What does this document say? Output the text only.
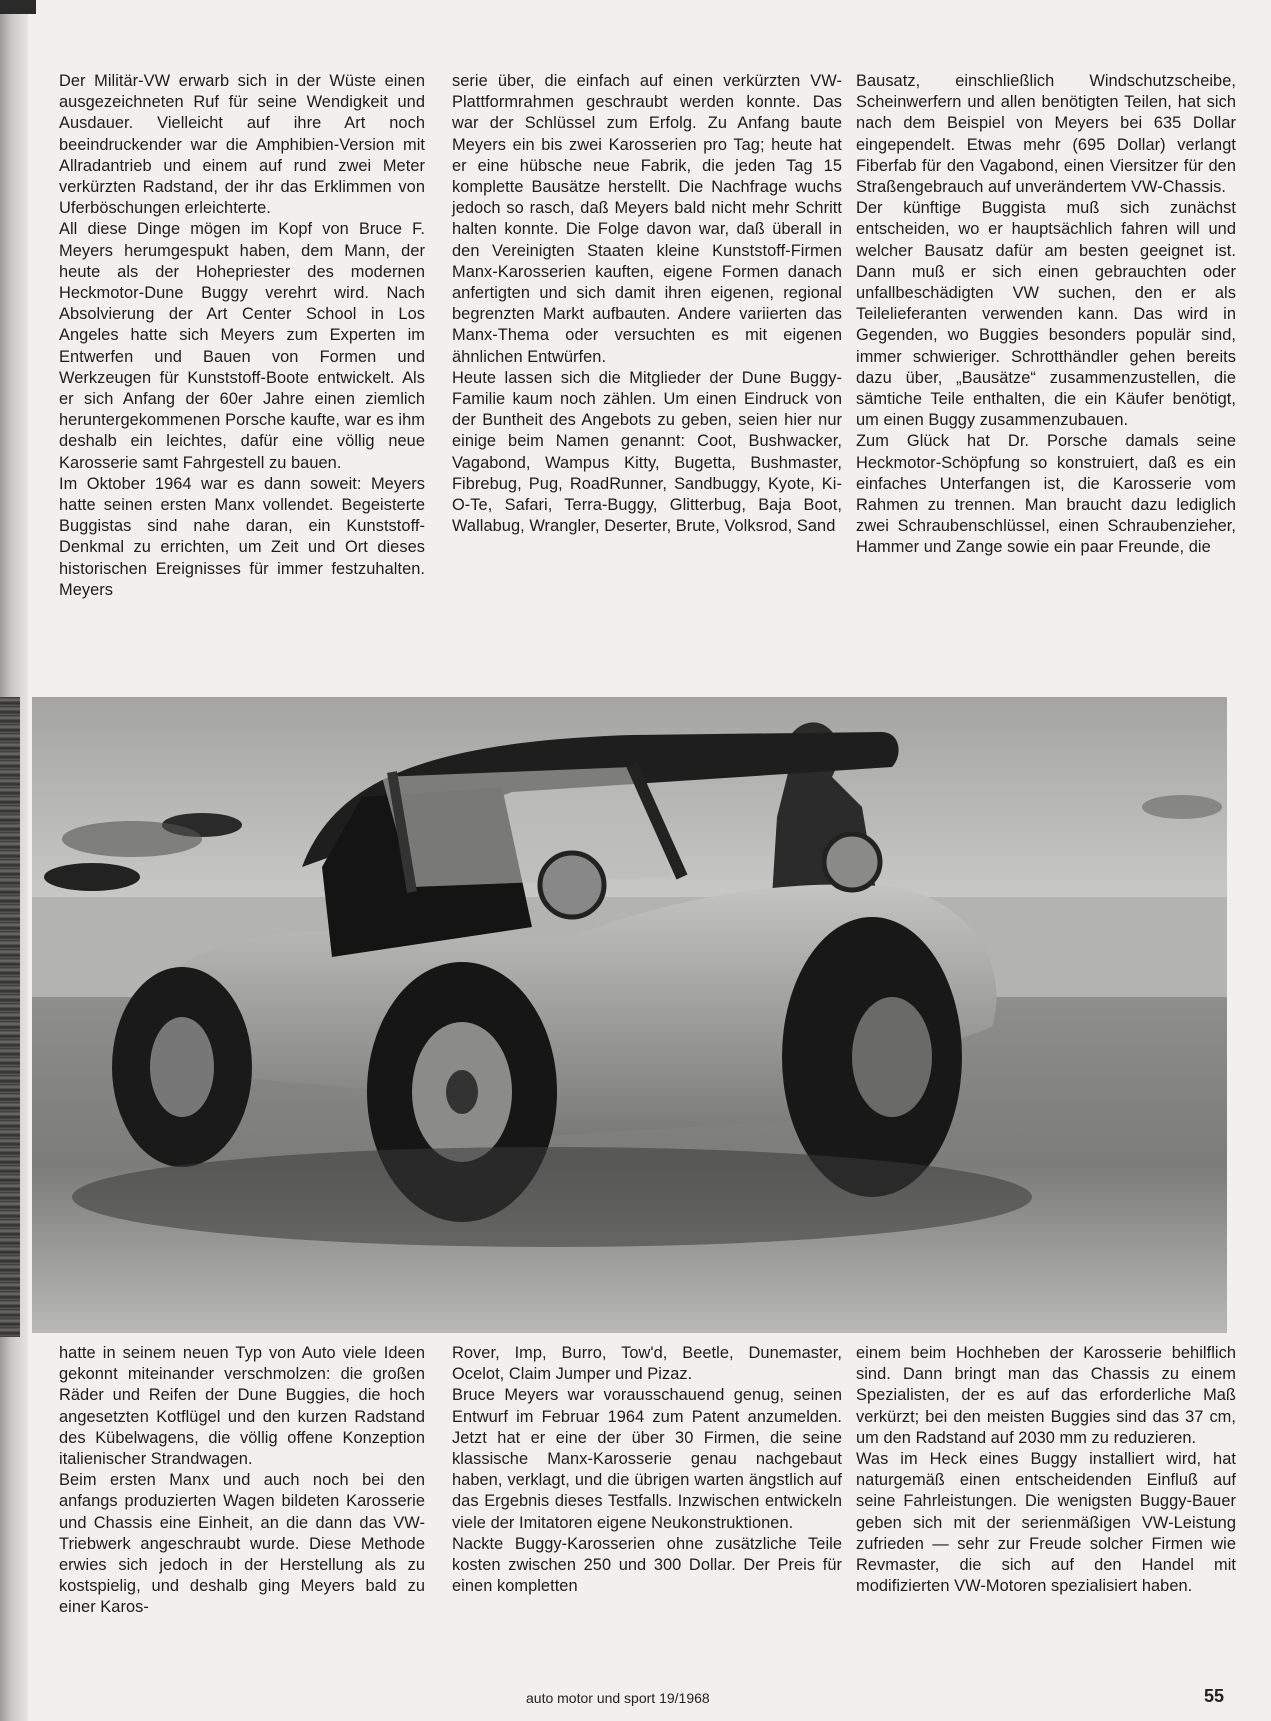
Der Militär-VW erwarb sich in der Wüste einen ausgezeichneten Ruf für seine Wendigkeit und Ausdauer. Vielleicht auf ihre Art noch beeindruckender war die Amphibien-Version mit Allradantrieb und einem auf rund zwei Meter verkürzten Radstand, der ihr das Erklimmen von Uferböschungen erleichterte.

All diese Dinge mögen im Kopf von Bruce F. Meyers herumgespukt haben, dem Mann, der heute als der Hohepriester des modernen Heckmotor-Dune Buggy verehrt wird. Nach Absolvierung der Art Center School in Los Angeles hatte sich Meyers zum Experten im Entwerfen und Bauen von Formen und Werkzeugen für Kunststoff-Boote entwickelt. Als er sich Anfang der 60er Jahre einen ziemlich heruntergekommenen Porsche kaufte, war es ihm deshalb ein leichtes, dafür eine völlig neue Karosserie samt Fahrgestell zu bauen.

Im Oktober 1964 war es dann soweit: Meyers hatte seinen ersten Manx vollendet. Begeisterte Buggistas sind nahe daran, ein Kunststoff-Denkmal zu errichten, um Zeit und Ort dieses historischen Ereignisses für immer festzuhalten. Meyers

serie über, die einfach auf einen verkürzten VW-Plattformrahmen geschraubt werden konnte. Das war der Schlüssel zum Erfolg. Zu Anfang baute Meyers ein bis zwei Karosserien pro Tag; heute hat er eine hübsche neue Fabrik, die jeden Tag 15 komplette Bausätze herstellt. Die Nachfrage wuchs jedoch so rasch, daß Meyers bald nicht mehr Schritt halten konnte. Die Folge davon war, daß überall in den Vereinigten Staaten kleine Kunststoff-Firmen Manx-Karosserien kauften, eigene Formen danach anfertigten und sich damit ihren eigenen, regional begrenzten Markt aufbauten. Andere variierten das Manx-Thema oder versuchten es mit eigenen ähnlichen Entwürfen.

Heute lassen sich die Mitglieder der Dune Buggy-Familie kaum noch zählen. Um einen Eindruck von der Buntheit des Angebots zu geben, seien hier nur einige beim Namen genannt: Coot, Bushwacker, Vagabond, Wampus Kitty, Bugetta, Bushmaster, Fibrebug, Pug, RoadRunner, Sandbuggy, Kyote, Ki-O-Te, Safari, Terra-Buggy, Glitterbug, Baja Boot, Wallabug, Wrangler, Deserter, Brute, Volksrod, Sand

Bausatz, einschließlich Windschutzscheibe, Scheinwerfern und allen benötigten Teilen, hat sich nach dem Beispiel von Meyers bei 635 Dollar eingependelt. Etwas mehr (695 Dollar) verlangt Fiberfab für den Vagabond, einen Viersitzer für den Straßengebrauch auf unverändertem VW-Chassis.

Der künftige Buggista muß sich zunächst entscheiden, wo er hauptsächlich fahren will und welcher Bausatz dafür am besten geeignet ist. Dann muß er sich einen gebrauchten oder unfallbeschädigten VW suchen, den er als Teilelieferanten verwenden kann. Das wird in Gegenden, wo Buggies besonders populär sind, immer schwieriger. Schrotthändler gehen bereits dazu über, „Bausätze“ zusammenzustellen, die sämtiche Teile enthalten, die ein Käufer benötigt, um einen Buggy zusammenzubauen.

Zum Glück hat Dr. Porsche damals seine Heckmotor-Schöpfung so konstruiert, daß es ein einfaches Unterfangen ist, die Karosserie vom Rahmen zu trennen. Man braucht dazu lediglich zwei Schraubenschlüssel, einen Schraubenzieher, Hammer und Zange sowie ein paar Freunde, die

hatte in seinem neuen Typ von Auto viele Ideen gekonnt miteinander verschmolzen: die großen Räder und Reifen der Dune Buggies, die hoch angesetzten Kotflügel und den kurzen Radstand des Kübelwagens, die völlig offene Konzeption italienischer Strandwagen.

Beim ersten Manx und auch noch bei den anfangs produzierten Wagen bildeten Karosserie und Chassis eine Einheit, an die dann das VW-Triebwerk angeschraubt wurde. Diese Methode erwies sich jedoch in der Herstellung als zu kostspielig, und deshalb ging Meyers bald zu einer Karos-

Rover, Imp, Burro, Tow'd, Beetle, Dunemaster, Ocelot, Claim Jumper und Pizaz.

Bruce Meyers war vorausschauend genug, seinen Entwurf im Februar 1964 zum Patent anzumelden. Jetzt hat er eine der über 30 Firmen, die seine klassische Manx-Karosserie genau nachgebaut haben, verklagt, und die übrigen warten ängstlich auf das Ergebnis dieses Testfalls. Inzwischen entwickeln viele der Imitatoren eigene Neukonstruktionen.

Nackte Buggy-Karosserien ohne zusätzliche Teile kosten zwischen 250 und 300 Dollar. Der Preis für einen kompletten

einem beim Hochheben der Karosserie behilflich sind. Dann bringt man das Chassis zu einem Spezialisten, der es auf das erforderliche Maß verkürzt; bei den meisten Buggies sind das 37 cm, um den Radstand auf 2030 mm zu reduzieren.

Was im Heck eines Buggy installiert wird, hat naturgemäß einen entscheidenden Einfluß auf seine Fahrleistungen. Die wenigsten Buggy-Bauer geben sich mit der serienmäßigen VW-Leistung zufrieden — sehr zur Freude solcher Firmen wie Revmaster, die sich auf den Handel mit modifizierten VW-Motoren spezialisiert haben.

auto motor und sport 19/1968	55
